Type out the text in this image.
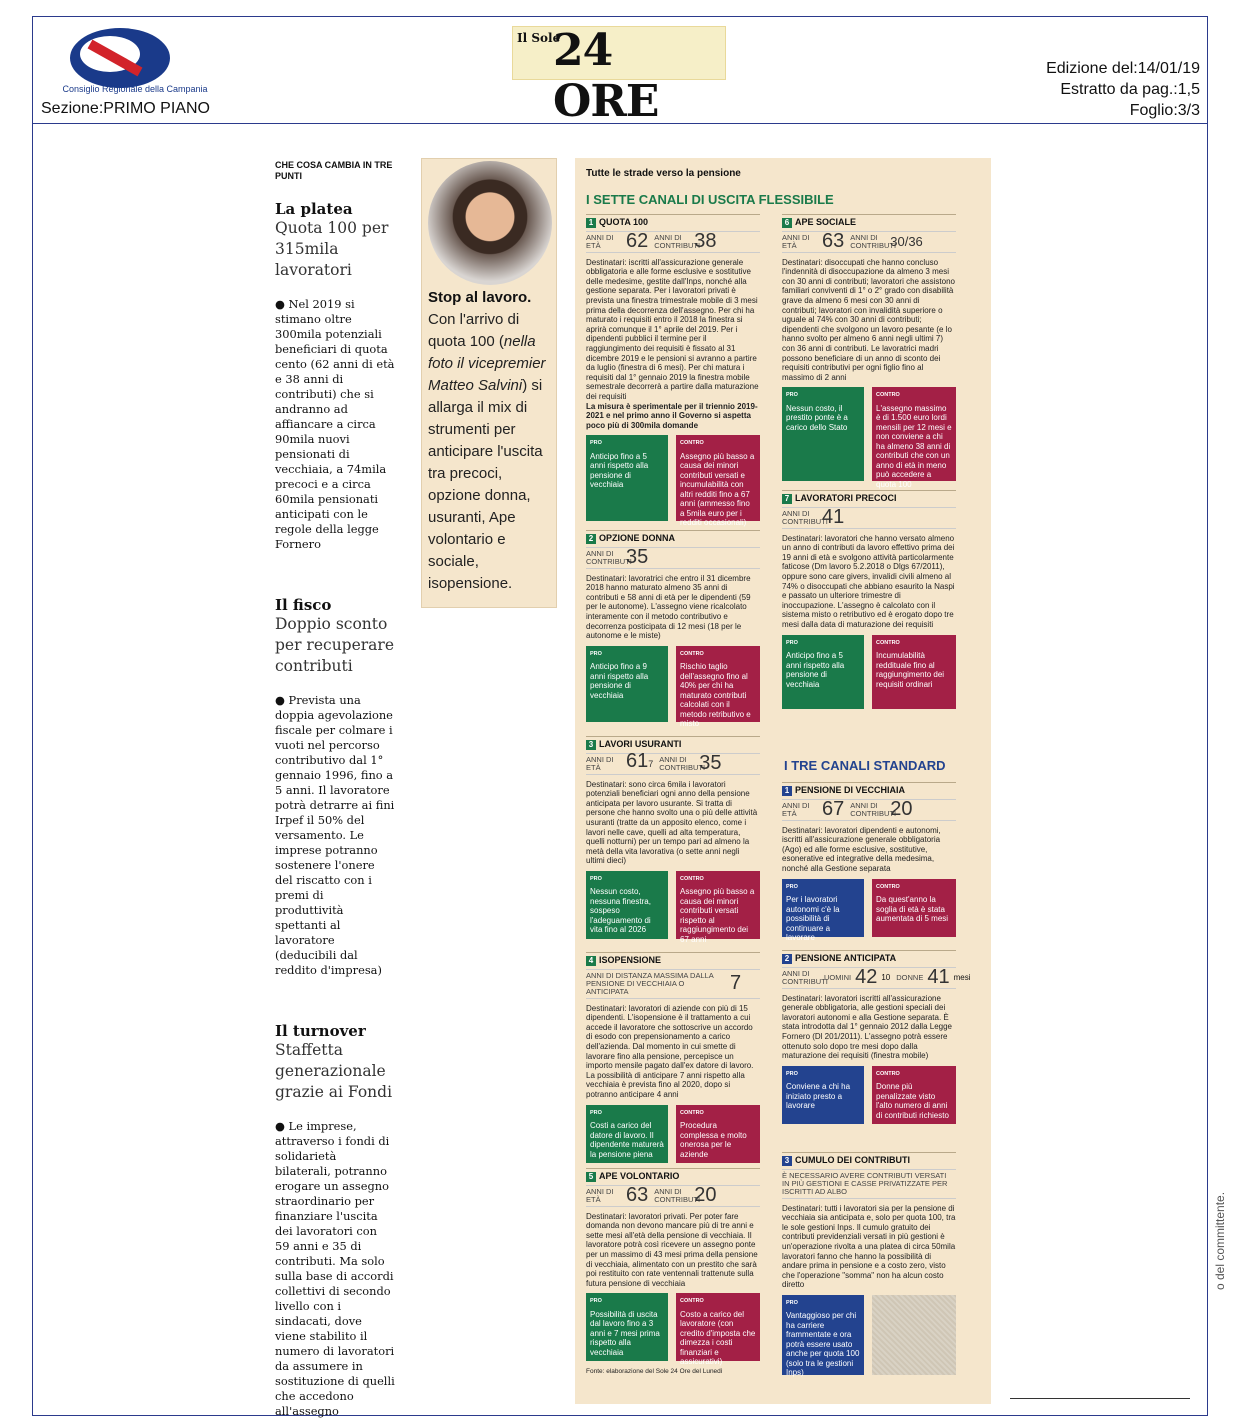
Consiglio Regionale della Campania
Sezione:PRIMO PIANO
Il Sole
24 ORE
Edizione del:14/01/19
Estratto da pag.:1,5
Foglio:3/3
CHE COSA CAMBIA IN TRE PUNTI
La platea
Quota 100 per 315mila lavoratori
● Nel 2019 si stimano oltre 300mila potenziali beneficiari di quota cento (62 anni di età e 38 anni di contributi) che si andranno ad affiancare a circa 90mila nuovi pensionati di vecchiaia, a 74mila precoci e a circa 60mila pensionati anticipati con le regole della legge Fornero
Il fisco
Doppio sconto per recuperare contributi
● Prevista una doppia agevolazione fiscale per colmare i vuoti nel percorso contributivo dal 1° gennaio 1996, fino a 5 anni. Il lavoratore potrà detrarre ai fini Irpef il 50% del versamento. Le imprese potranno sostenere l'onere del riscatto con i premi di produttività spettanti al lavoratore (deducibili dal reddito d'impresa)
Il turnover
Staffetta generazionale grazie ai Fondi
● Le imprese, attraverso i fondi di solidarietà bilaterali, potranno erogare un assegno straordinario per finanziare l'uscita dei lavoratori con 59 anni e 35 di contributi. Ma solo sulla base di accordi collettivi di secondo livello con i sindacati, dove viene stabilito il numero di lavoratori da assumere in sostituzione di quelli che accedono all'assegno
Stop al lavoro. Con l'arrivo di quota 100 (nella foto il vicepremier Matteo Salvini) si allarga il mix di strumenti per anticipare l'uscita tra precoci, opzione donna, usuranti, Ape volontario e sociale, isopensione.
Tutte le strade verso la pensione
I SETTE CANALI DI USCITA FLESSIBILE
1 QUOTA 100
ANNI DI ETÀ	62 ANNI DI CONTRIBUTI
38
Destinatari: iscritti all'assicurazione generale obbligatoria e alle forme esclusive e sostitutive delle medesime, gestite dall'Inps, nonché alla gestione separata. Per i lavoratori privati è prevista una finestra trimestrale mobile di 3 mesi prima della decorrenza dell'assegno. Per chi ha maturato i requisiti entro il 2018 la finestra si aprirà comunque il 1° aprile del 2019. Per i dipendenti pubblici il termine per il raggiungimento dei requisiti è fissato al 31 dicembre 2019 e le pensioni si avranno a partire da luglio (finestra di 6 mesi). Per chi matura i requisiti dal 1° gennaio 2019 la finestra mobile semestrale decorrerà a partire dalla maturazione dei requisiti
La misura è sperimentale per il triennio 2019-2021 e nel primo anno il Governo si aspetta poco più di 300mila domande
PRO
Anticipo fino a 5 anni rispetto alla pensione di vecchiaia
CONTRO
Assegno più basso a causa dei minori contributi versati e incumulabilità con altri redditi fino a 67 anni (ammesso fino a 5mila euro per i redditi occasionali)
2 OPZIONE DONNA
ANNI DI CONTRIBUTI
35
Destinatari: lavoratrici che entro il 31 dicembre 2018 hanno maturato almeno 35 anni di contributi e 58 anni di età per le dipendenti (59 per le autonome). L'assegno viene ricalcolato interamente con il metodo contributivo e decorrenza posticipata di 12 mesi (18 per le autonome e le miste)
PRO
Anticipo fino a 9 anni rispetto alla pensione di vecchiaia
CONTRO
Rischio taglio dell'assegno fino al 40% per chi ha maturato contributi calcolati con il metodo retributivo e misto
3 LAVORI USURANTI
ANNI DI ETÀ	617
ANNI DI CONTRIBUTI
35
Destinatari: sono circa 6mila i lavoratori potenziali beneficiari ogni anno della pensione anticipata per lavoro usurante. Si tratta di persone che hanno svolto una o più delle attività usuranti (tratte da un apposito elenco, come i lavori nelle cave, quelli ad alta temperatura, quelli notturni) per un tempo pari ad almeno la metà della vita lavorativa (o sette anni negli ultimi dieci)
PRO
Nessun costo, nessuna finestra, sospeso l'adeguamento di vita fino al 2026
CONTRO
Assegno più basso a causa dei minori contributi versati rispetto al raggiungimento dei 67 anni
4 ISOPENSIONE
ANNI DI DISTANZA MASSIMA DALLA PENSIONE DI VECCHIAIA O ANTICIPATA	7
Destinatari: lavoratori di aziende con più di 15 dipendenti. L'isopensione è il trattamento a cui accede il lavoratore che sottoscrive un accordo di esodo con prepensionamento a carico dell'azienda. Dal momento in cui smette di lavorare fino alla pensione, percepisce un importo mensile pagato dall'ex datore di lavoro. La possibilità di anticipare 7 anni rispetto alla vecchiaia è prevista fino al 2020, dopo si potranno anticipare 4 anni
PRO
Costi a carico del datore di lavoro. Il dipendente maturerà la pensione piena
CONTRO
Procedura complessa e molto onerosa per le aziende
5 APE VOLONTARIO
ANNI DI ETÀ	63 ANNI DI CONTRIBUTI
20
Destinatari: lavoratori privati. Per poter fare domanda non devono mancare più di tre anni e sette mesi all'età della pensione di vecchiaia. Il lavoratore potrà così ricevere un assegno ponte per un massimo di 43 mesi prima della pensione di vecchiaia, alimentato con un prestito che sarà poi restituito con rate ventennali trattenute sulla futura pensione di vecchiaia
PRO
Possibilità di uscita dal lavoro fino a 3 anni e 7 mesi prima rispetto alla vecchiaia
CONTRO
Costo a carico del lavoratore (con credito d'imposta che dimezza i costi finanziari e assicurativi)
Fonte: elaborazione del Sole 24 Ore del Lunedì
6 APE SOCIALE
ANNI DI ETÀ	63 ANNI DI CONTRIBUTI
30/36
Destinatari: disoccupati che hanno concluso l'indennità di disoccupazione da almeno 3 mesi con 30 anni di contributi; lavoratori che assistono familiari conviventi di 1° o 2° grado con disabilità grave da almeno 6 mesi con 30 anni di contributi; lavoratori con invalidità superiore o uguale al 74% con 30 anni di contributi; dipendenti che svolgono un lavoro pesante (e lo hanno svolto per almeno 6 anni negli ultimi 7) con 36 anni di contributi. Le lavoratrici madri possono beneficiare di un anno di sconto dei requisiti contributivi per ogni figlio fino al massimo di 2 anni
PRO
Nessun costo, il prestito ponte è a carico dello Stato
CONTRO
L'assegno massimo è di 1.500 euro lordi mensili per 12 mesi e non conviene a chi ha almeno 38 anni di contributi che con un anno di età in meno può accedere a quota 100
7 LAVORATORI PRECOCI
ANNI DI CONTRIBUTI
41
Destinatari: lavoratori che hanno versato almeno un anno di contributi da lavoro effettivo prima dei 19 anni di età e svolgono attività particolarmente faticose (Dm lavoro 5.2.2018 o Dlgs 67/2011), oppure sono care givers, invalidi civili almeno al 74% o disoccupati che abbiano esaurito la Naspi e passato un ulteriore trimestre di inoccupazione. L'assegno è calcolato con il sistema misto o retributivo ed è erogato dopo tre mesi dalla data di maturazione dei requisiti
PRO
Anticipo fino a 5 anni rispetto alla pensione di vecchiaia
CONTRO
Incumulabilità reddituale fino al raggiungimento dei requisiti ordinari
I TRE CANALI STANDARD
1 PENSIONE DI VECCHIAIA
ANNI DI ETÀ	67 ANNI DI CONTRIBUTI
20
Destinatari: lavoratori dipendenti e autonomi, iscritti all'assicurazione generale obbligatoria (Ago) ed alle forme esclusive, sostitutive, esonerative ed integrative della medesima, nonché alla Gestione separata
PRO
Per i lavoratori autonomi c'è la possibilità di continuare a lavorare
CONTRO
Da quest'anno la soglia di età è stata aumentata di 5 mesi
2 PENSIONE ANTICIPATA
ANNI DI CONTRIBUTI
UOMINI 42 10 DONNE 41 mesi
Destinatari: lavoratori iscritti all'assicurazione generale obbligatoria, alle gestioni speciali dei lavoratori autonomi e alla Gestione separata. È stata introdotta dal 1° gennaio 2012 dalla Legge Fornero (Dl 201/2011). L'assegno potrà essere ottenuto solo dopo tre mesi dopo dalla maturazione dei requisiti (finestra mobile)
PRO
Conviene a chi ha iniziato presto a lavorare
CONTRO
Donne più penalizzate visto l'alto numero di anni di contributi richiesto
3 CUMULO DEI CONTRIBUTI
È NECESSARIO AVERE CONTRIBUTI VERSATI IN PIÙ GESTIONI E CASSE PRIVATIZZATE PER ISCRITTI AD ALBO
Destinatari: tutti i lavoratori sia per la pensione di vecchiaia sia anticipata e, solo per quota 100, tra le sole gestioni Inps. Il cumulo gratuito dei contributi previdenziali versati in più gestioni è un'operazione rivolta a una platea di circa 50mila lavoratori fanno che hanno la possibilità di andare prima in pensione e a costo zero, visto che l'operazione "somma" non ha alcun costo diretto
PRO
Vantaggioso per chi ha carriere frammentate e ora potrà essere usato anche per quota 100 (solo tra le gestioni Inps)
o del committente.
